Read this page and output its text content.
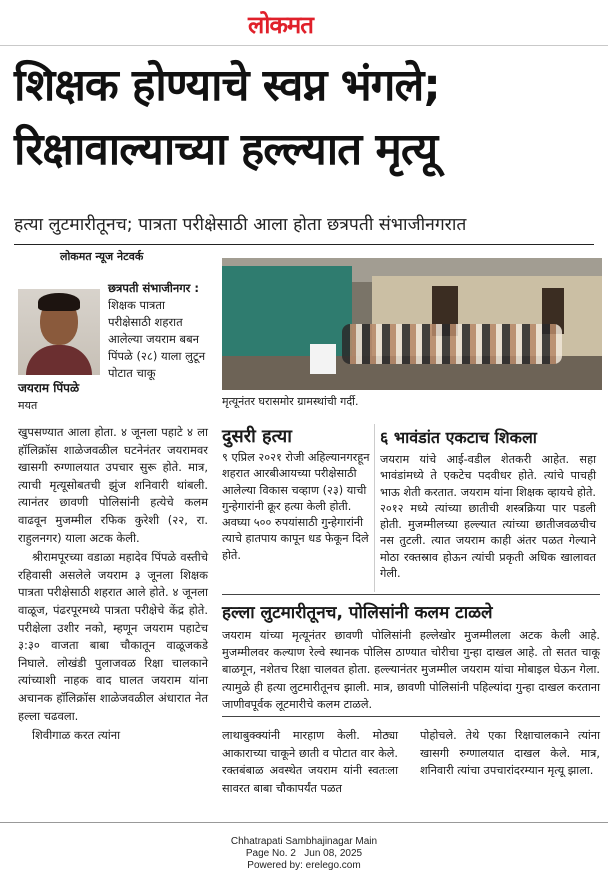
लोकमत
शिक्षक होण्याचे स्वप्न भंगले;
रिक्षावाल्याच्या हल्ल्यात मृत्यू
हत्या लुटमारीतूनच; पात्रता परीक्षेसाठी आला होता छत्रपती संभाजीनगरात
लोकमत न्यूज नेटवर्क
जयराम पिंपळे
मयत
छत्रपती संभाजीनगर :
शिक्षक पात्रता परीक्षेसाठी शहरात आलेल्या जयराम बबन पिंपळे (२८) याला लुटून पोटात चाकू

खुपसण्यात आला होता. ४ जूनला पहाटे ४ ला हॉलिक्रॉस शाळेजवळील घटनेनंतर जयरामवर खासगी रुग्णालयात उपचार सुरू होते. मात्र, त्याची मृत्यूसोबतची झुंज शनिवारी थांबली. त्यानंतर छावणी पोलिसांनी हत्येचे कलम वाढवून मुजम्मील रफिक कुरेशी (२२, रा. राहुलनगर) याला अटक केली.

श्रीरामपूरच्या वडाळा महादेव पिंपळे वस्तीचे रहिवासी असलेले जयराम ३ जूनला शिक्षक पात्रता परीक्षेसाठी शहरात आले होते. ४ जूनला वाळूज, पंढरपूरमध्ये पात्रता परीक्षेचे केंद्र होते. परीक्षेला उशीर नको, म्हणून जयराम पहाटेच ३:३० वाजता बाबा चौकातून वाळूजकडे निघाले. लोखंडी पुलाजवळ रिक्षा चालकाने त्यांच्याशी नाहक वाद घालत जयराम यांना अचानक हॉलिक्रॉस शाळेजवळील अंधारात नेत हल्ला चढवला.

शिवीगाळ करत त्यांना

मृत्यूनंतर घरासमोर ग्रामस्थांची गर्दी.
दुसरी हत्या
९ एप्रिल २०२१ रोजी अहिल्यानगरहून शहरात आरबीआयच्या परीक्षेसाठी आलेल्या विकास चव्हाण (२३) याची गुन्हेगारांनी क्रूर हत्या केली होती. अवघ्या ५०० रुपयांसाठी गुन्हेगारांनी त्याचे हातपाय कापून धड फेकून दिले होते.
६ भावंडांत एकटाच शिकला
जयराम यांचे आई-वडील शेतकरी आहेत. सहा भावंडांमध्ये ते एकटेच पदवीधर होते. त्यांचे पाचही भाऊ शेती करतात. जयराम यांना शिक्षक व्हायचे होते. २०१२ मध्ये त्यांच्या छातीची शस्त्रक्रिया पार पडली होती. मुजम्मीलच्या हल्ल्यात त्यांच्या छातीजवळचीच नस तुटली. त्यात जयराम काही अंतर पळत गेल्याने मोठा रक्तस्राव होऊन त्यांची प्रकृती अधिक खालावत गेली.
हल्ला लुटमारीतूनच, पोलिसांनी कलम टाळले
जयराम यांच्या मृत्यूनंतर छावणी पोलिसांनी हल्लेखोर मुजम्मीलला अटक केली आहे. मुजम्मीलवर कल्याण रेल्वे स्थानक पोलिस ठाण्यात चोरीचा गुन्हा दाखल आहे. तो सतत चाकू बाळगून, नशेतच रिक्षा चालवत होता. हल्ल्यानंतर मुजम्मील जयराम यांचा मोबाइल घेऊन गेला. त्यामुळे ही हत्या लुटमारीतूनच झाली. मात्र, छावणी पोलिसांनी पहिल्यांदा गुन्हा दाखल करताना जाणीवपूर्वक लूटमारीचे कलम टाळले.
लाथाबुक्क्यांनी मारहाण केली. मोठ्या आकाराच्या चाकूने छाती व पोटात वार केले. रक्तबंबाळ अवस्थेत जयराम यांनी स्वतःला सावरत बाबा चौकापर्यंत पळत
पोहोचले. तेथे एका रिक्षाचालकाने त्यांना खासगी रुग्णालयात दाखल केले. मात्र, शनिवारी त्यांचा उपचारांदरम्यान मृत्यू झाला.
Chhatrapati Sambhajinagar Main
Page No. 2   Jun 08, 2025
Powered by: erelego.com
